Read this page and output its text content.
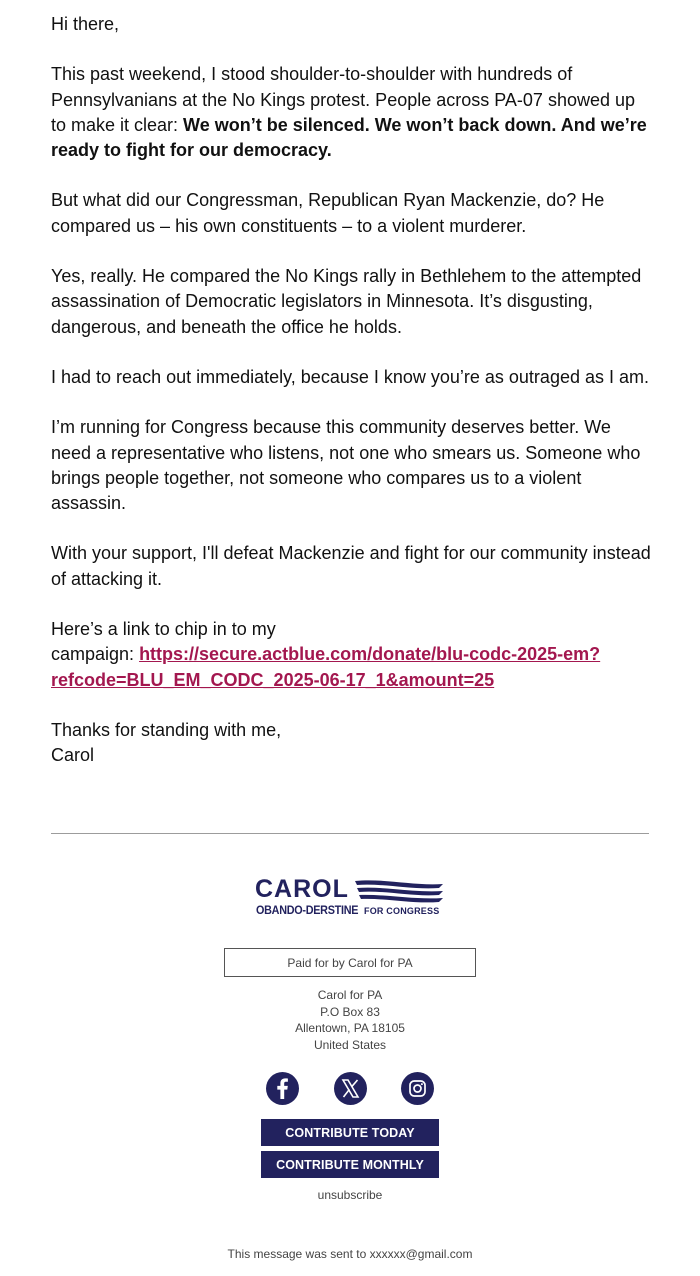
Hi there,

This past weekend, I stood shoulder-to-shoulder with hundreds of Pennsylvanians at the No Kings protest. People across PA-07 showed up to make it clear: We won’t be silenced. We won’t back down. And we’re ready to fight for our democracy.

But what did our Congressman, Republican Ryan Mackenzie, do? He compared us – his own constituents – to a violent murderer.

Yes, really. He compared the No Kings rally in Bethlehem to the attempted assassination of Democratic legislators in Minnesota. It’s disgusting, dangerous, and beneath the office he holds.

I had to reach out immediately, because I know you’re as outraged as I am.

I’m running for Congress because this community deserves better. We need a representative who listens, not one who smears us. Someone who brings people together, not someone who compares us to a violent assassin.

With your support, I'll defeat Mackenzie and fight for our community instead of attacking it.

Here’s a link to chip in to my
campaign: https://secure.actblue.com/donate/blu-codc-2025-em?
refcode=BLU_EM_CODC_2025-06-17_1&amount=25

Thanks for standing with me,

Carol

CAROL
OBANDO-DERSTINE FOR CONGRESS
Paid for by Carol for PA
Carol for PA
P.O Box 83
Allentown, PA 18105
United States
CONTRIBUTE TODAY
CONTRIBUTE MONTHLY
unsubscribe
This message was sent to xxxxxx@gmail.com
